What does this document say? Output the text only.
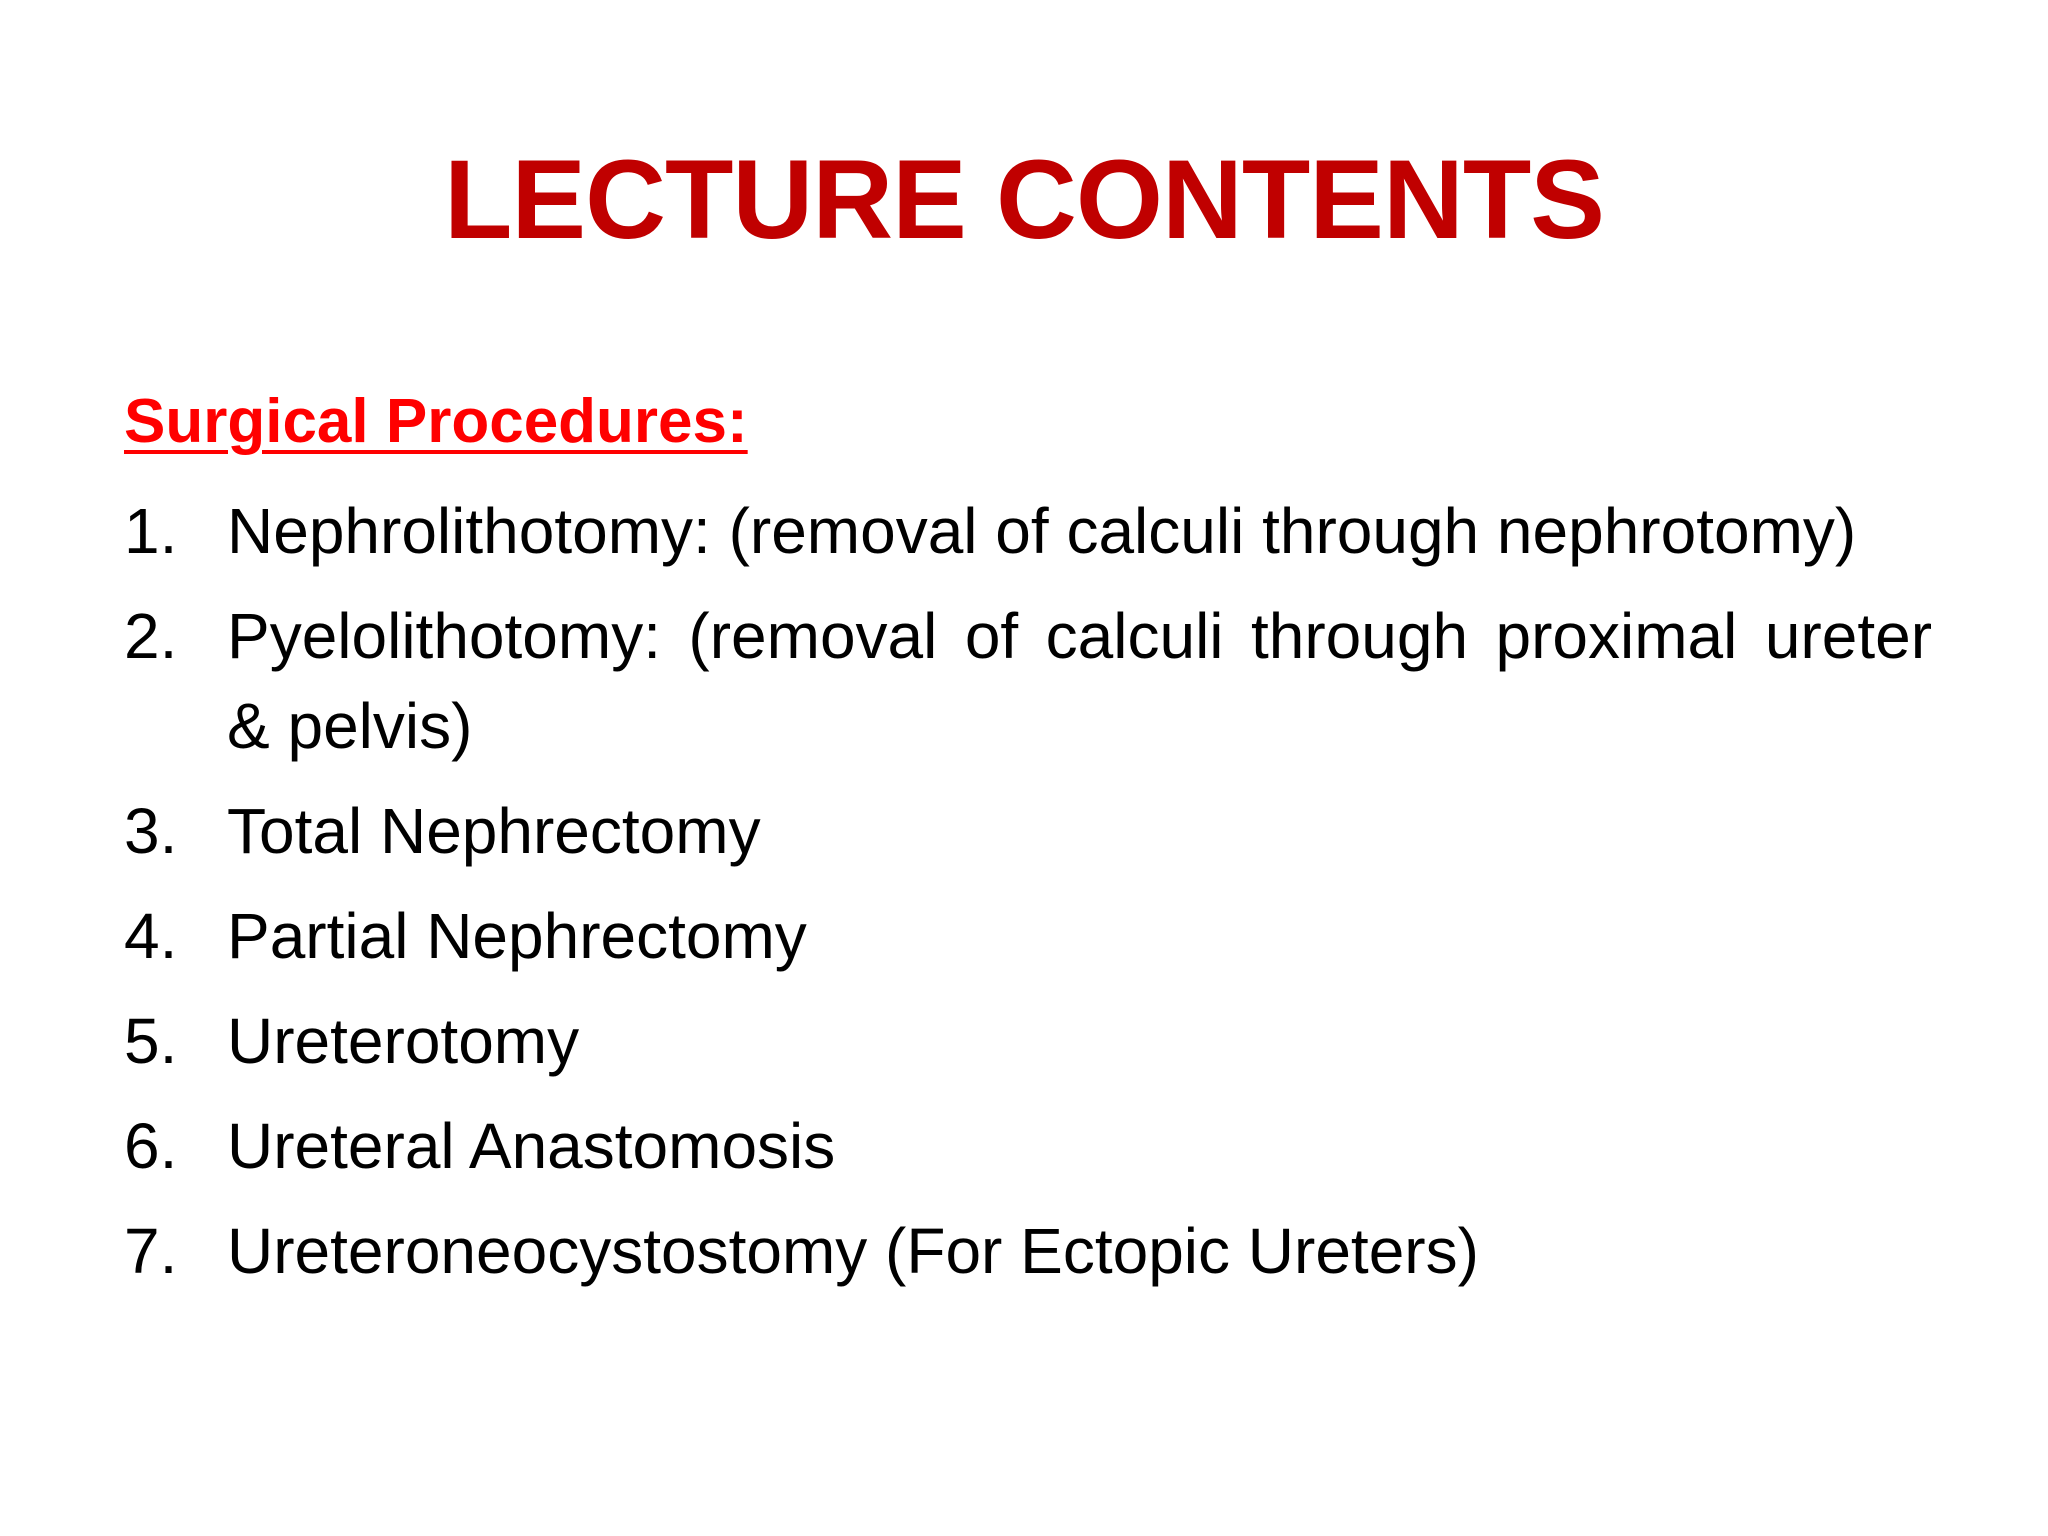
LECTURE CONTENTS
Surgical Procedures:
1. Nephrolithotomy: (removal of calculi through nephrotomy)
2. Pyelolithotomy: (removal of calculi through proximal ureter & pelvis)
3. Total Nephrectomy
4. Partial Nephrectomy
5. Ureterotomy
6. Ureteral Anastomosis
7. Ureteroneocystostomy (For Ectopic Ureters)
